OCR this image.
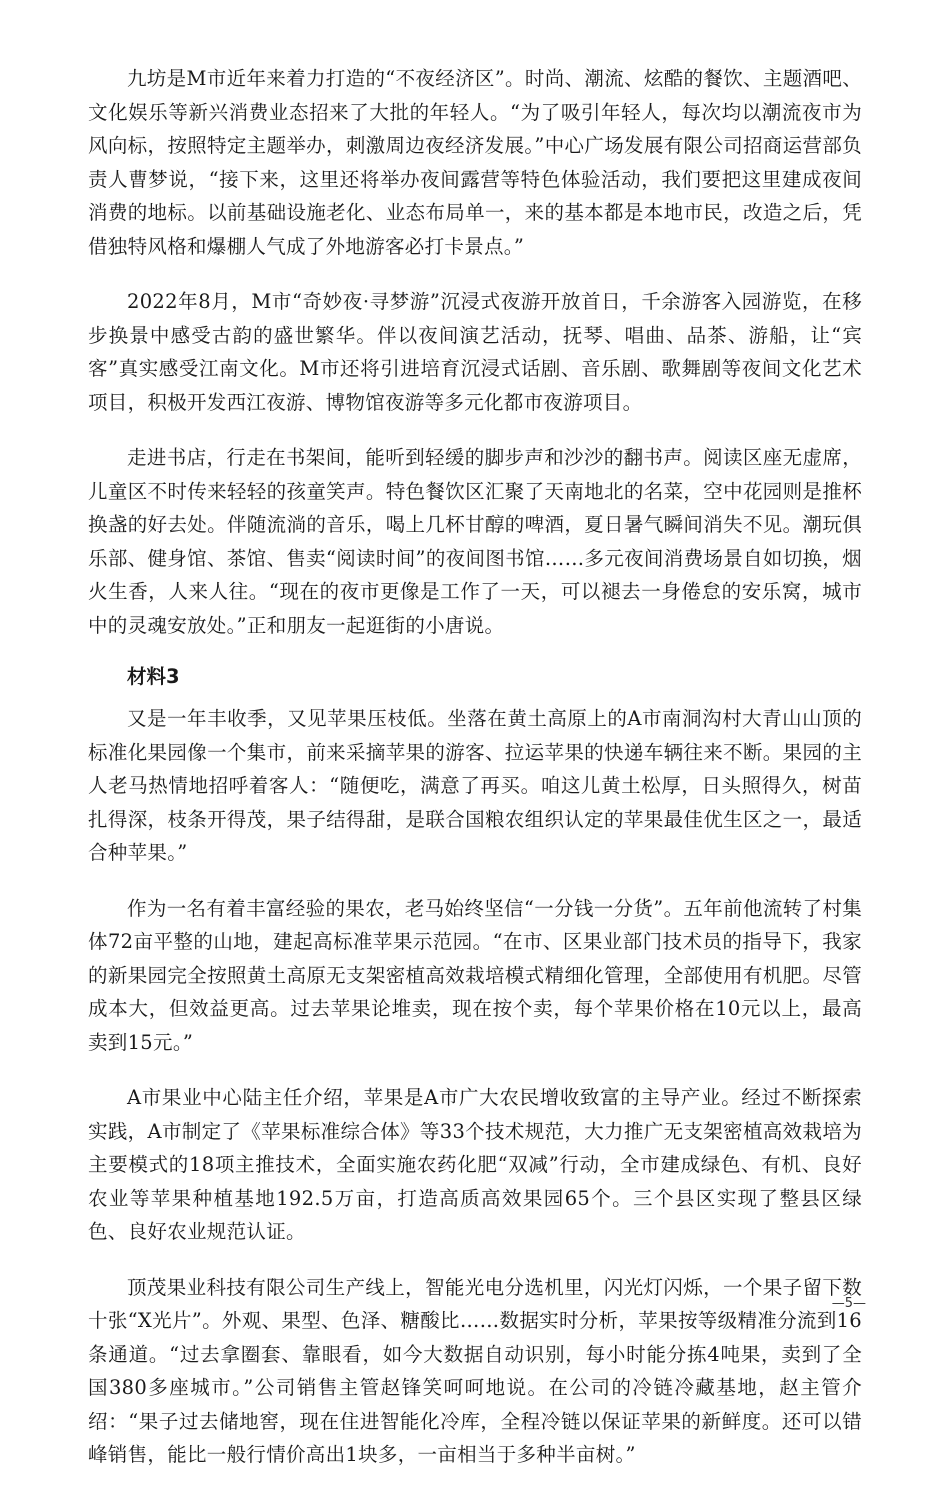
九坊是M市近年来着力打造的“不夜经济区”。时尚、潮流、炫酷的餐饮、主题酒吧、文化娱乐等新兴消费业态招来了大批的年轻人。“为了吸引年轻人，每次均以潮流夜市为风向标，按照特定主题举办，刺激周边夜经济发展。”中心广场发展有限公司招商运营部负责人曹梦说，“接下来，这里还将举办夜间露营等特色体验活动，我们要把这里建成夜间消费的地标。以前基础设施老化、业态布局单一，来的基本都是本地市民，改造之后，凭借独特风格和爆棚人气成了外地游客必打卡景点。”

2022年8月，M市“奇妙夜·寻梦游”沉浸式夜游开放首日，千余游客入园游览，在移步换景中感受古韵的盛世繁华。伴以夜间演艺活动，抚琴、唱曲、品茶、游船，让“宾客”真实感受江南文化。M市还将引进培育沉浸式话剧、音乐剧、歌舞剧等夜间文化艺术项目，积极开发西江夜游、博物馆夜游等多元化都市夜游项目。

走进书店，行走在书架间，能听到轻缓的脚步声和沙沙的翻书声。阅读区座无虚席，儿童区不时传来轻轻的孩童笑声。特色餐饮区汇聚了天南地北的名菜，空中花园则是推杯换盏的好去处。伴随流淌的音乐，喝上几杯甘醇的啤酒，夏日暑气瞬间消失不见。潮玩俱乐部、健身馆、茶馆、售卖“阅读时间”的夜间图书馆……多元夜间消费场景自如切换，烟火生香，人来人往。“现在的夜市更像是工作了一天，可以褪去一身倦怠的安乐窝，城市中的灵魂安放处。”正和朋友一起逛街的小唐说。

材料3

又是一年丰收季，又见苹果压枝低。坐落在黄土高原上的A市南洞沟村大青山山顶的标准化果园像一个集市，前来采摘苹果的游客、拉运苹果的快递车辆往来不断。果园的主人老马热情地招呼着客人：“随便吃，满意了再买。咱这儿黄土松厚，日头照得久，树苗扎得深，枝条开得茂，果子结得甜，是联合国粮农组织认定的苹果最佳优生区之一，最适合种苹果。”

作为一名有着丰富经验的果农，老马始终坚信“一分钱一分货”。五年前他流转了村集体72亩平整的山地，建起高标准苹果示范园。“在市、区果业部门技术员的指导下，我家的新果园完全按照黄土高原无支架密植高效栽培模式精细化管理，全部使用有机肥。尽管成本大，但效益更高。过去苹果论堆卖，现在按个卖，每个苹果价格在10元以上，最高卖到15元。”

A市果业中心陆主任介绍，苹果是A市广大农民增收致富的主导产业。经过不断探索实践，A市制定了《苹果标准综合体》等33个技术规范，大力推广无支架密植高效栽培为主要模式的18项主推技术，全面实施农药化肥“双减”行动，全市建成绿色、有机、良好农业等苹果种植基地192.5万亩，打造高质高效果园65个。三个县区实现了整县区绿色、良好农业规范认证。

顶茂果业科技有限公司生产线上，智能光电分选机里，闪光灯闪烁，一个果子留下数十张“X光片”。外观、果型、色泽、糖酸比……数据实时分析，苹果按等级精准分流到16条通道。“过去拿圈套、靠眼看，如今大数据自动识别，每小时能分拣4吨果，卖到了全国380多座城市。”公司销售主管赵锋笑呵呵地说。在公司的冷链冷藏基地，赵主管介绍：“果子过去储地窖，现在住进智能化冷库，全程冷链以保证苹果的新鲜度。还可以错峰销售，能比一般行情价高出1块多，一亩相当于多种半亩树。”

—5—
